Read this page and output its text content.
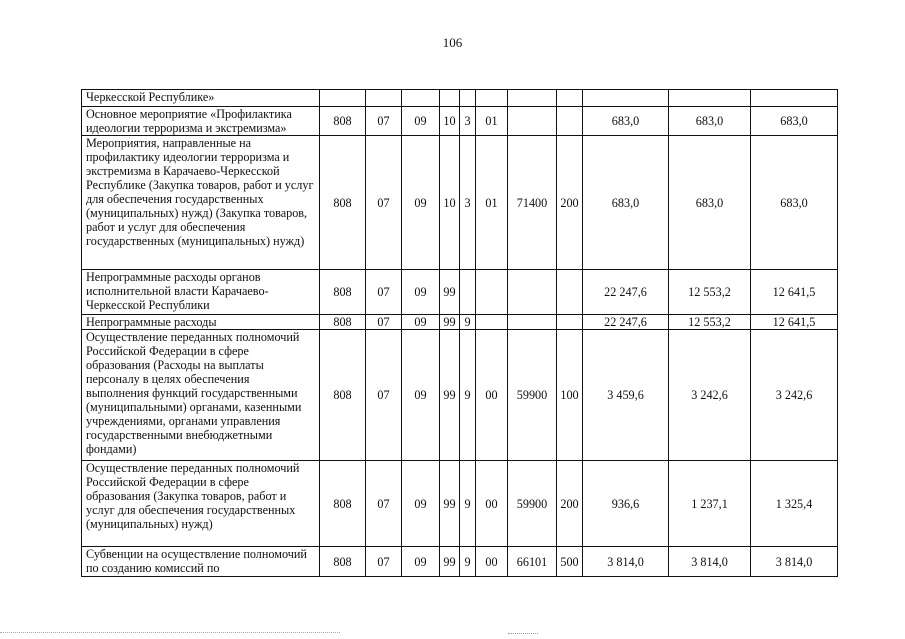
106
Черкесской Республике»											
Основное мероприятие «Профилактика идеологии терроризма и экстремизма»	808	07	09	10	3	01			683,0	683,0	683,0
Мероприятия, направленные на профилактику идеологии терроризма и экстремизма в Карачаево-Черкесской Республике (Закупка товаров, работ и услуг для обеспечения государственных (муниципальных) нужд) (Закупка товаров, работ и услуг для обеспечения государственных (муниципальных) нужд)	808	07	09	10	3	01	71400	200	683,0	683,0	683,0
Непрограммные расходы органов исполнительной власти Карачаево-Черкесской Республики	808	07	09	99					22 247,6	12 553,2	12 641,5
Непрограммные расходы	808	07	09	99	9				22 247,6	12 553,2	12 641,5
Осуществление переданных полномочий Российской Федерации в сфере образования (Расходы на выплаты персоналу в целях обеспечения выполнения функций государственными (муниципальными) органами, казенными учреждениями, органами управления государственными внебюджетными фондами)	808	07	09	99	9	00	59900	100	3 459,6	3 242,6	3 242,6
Осуществление переданных полномочий Российской Федерации в сфере образования (Закупка товаров, работ и услуг для обеспечения государственных (муниципальных) нужд)	808	07	09	99	9	00	59900	200	936,6	1 237,1	1 325,4
Субвенции на осуществление полномочий по созданию комиссий по	808	07	09	99	9	00	66101	500	3 814,0	3 814,0	3 814,0
